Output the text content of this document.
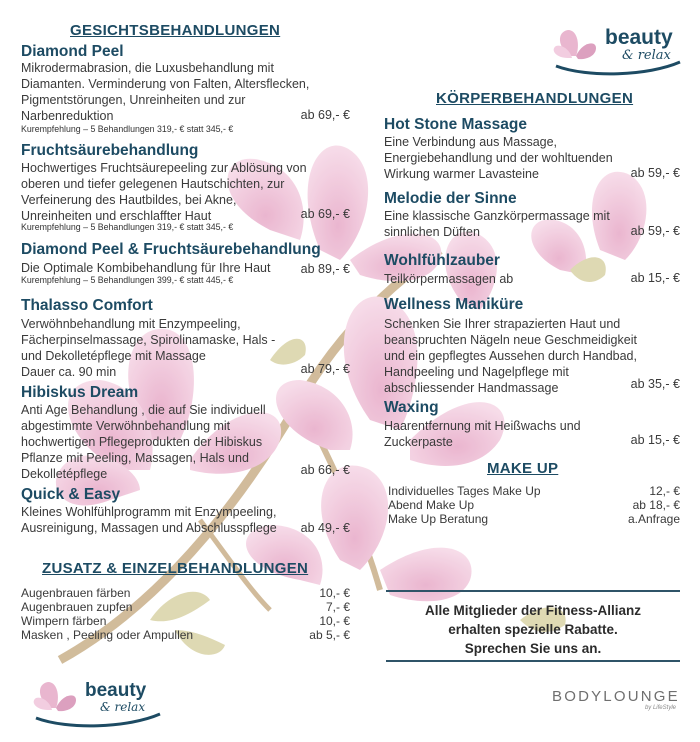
beauty
& relax
GESICHTSBEHANDLUNGEN
Diamond Peel
Mikrodermabrasion, die Luxusbehandlung mit
Diamanten. Verminderung von Falten, Altersflecken,
Pigmentstörungen, Unreinheiten und zur
Narbenreduktion	ab 69,- €
Kurempfehlung – 5 Behandlungen 319,- € statt 345,- €
Fruchtsäurebehandlung
Hochwertiges Fruchtsäurepeeling zur Ablösung von
oberen und tiefer gelegenen Hautschichten, zur
Verfeinerung des Hautbildes, bei Akne,
Unreinheiten und erschlaffter Haut	ab 69,- €
Kurempfehlung – 5 Behandlungen 319,- € statt 345,- €
Diamond Peel & Fruchtsäurebehandlung
Die Optimale Kombibehandlung für Ihre Haut ab 89,- €
Kurempfehlung – 5 Behandlungen 399,- € statt 445,- €
Thalasso Comfort
Verwöhnbehandlung mit Enzympeeling,
Fächerpinselmassage, Spirolinamaske, Hals -
und Dekolletépflege mit Massage
Dauer ca. 90 min	ab 79,- €
Hibiskus Dream
Anti Age Behandlung , die auf Sie individuell
abgestimmte Verwöhnbehandlung mit
hochwertigen Pflegeprodukten der Hibiskus
Pflanze mit Peeling, Massagen, Hals und
Dekolletépflege	ab 66,- €
Quick & Easy
Kleines Wohlfühlprogramm mit Enzympeeling,
Ausreinigung, Massagen und Abschlusspflege ab 49,- €
ZUSATZ & EINZELBEHANDLUNGEN
Augenbrauen färben	10,- €
Augenbrauen zupfen	7,- €
Wimpern färben	10,- €
Masken , Peeling oder Ampullen	ab 5,- €
KÖRPERBEHANDLUNGEN
Hot Stone Massage
Eine Verbindung aus Massage,
Energiebehandlung und der wohltuenden
Wirkung warmer Lavasteine	ab 59,- €
Melodie der Sinne
Eine klassische Ganzkörpermassage mit
sinnlichen Düften	ab 59,- €
Wohlfühlzauber
Teilkörpermassagen ab	ab 15,- €
Wellness Maniküre
Schenken Sie Ihrer strapazierten Haut und
beanspruchten Nägeln neue Geschmeidigkeit
und ein gepflegtes Aussehen durch Handbad,
Handpeeling und Nagelpflege mit
abschliessender Handmassage	ab 35,- €
Waxing
Haarentfernung mit Heißwachs und
Zuckerpaste	ab 15,- €
MAKE UP
Individuelles Tages Make Up	12,- €
Abend Make Up	ab 18,- €
Make Up Beratung	a.Anfrage
Alle Mitglieder der Fitness-Allianz
erhalten spezielle Rabatte.
Sprechen Sie uns an.
beauty
& relax
BODYLOUNGE
by LifeStyle
